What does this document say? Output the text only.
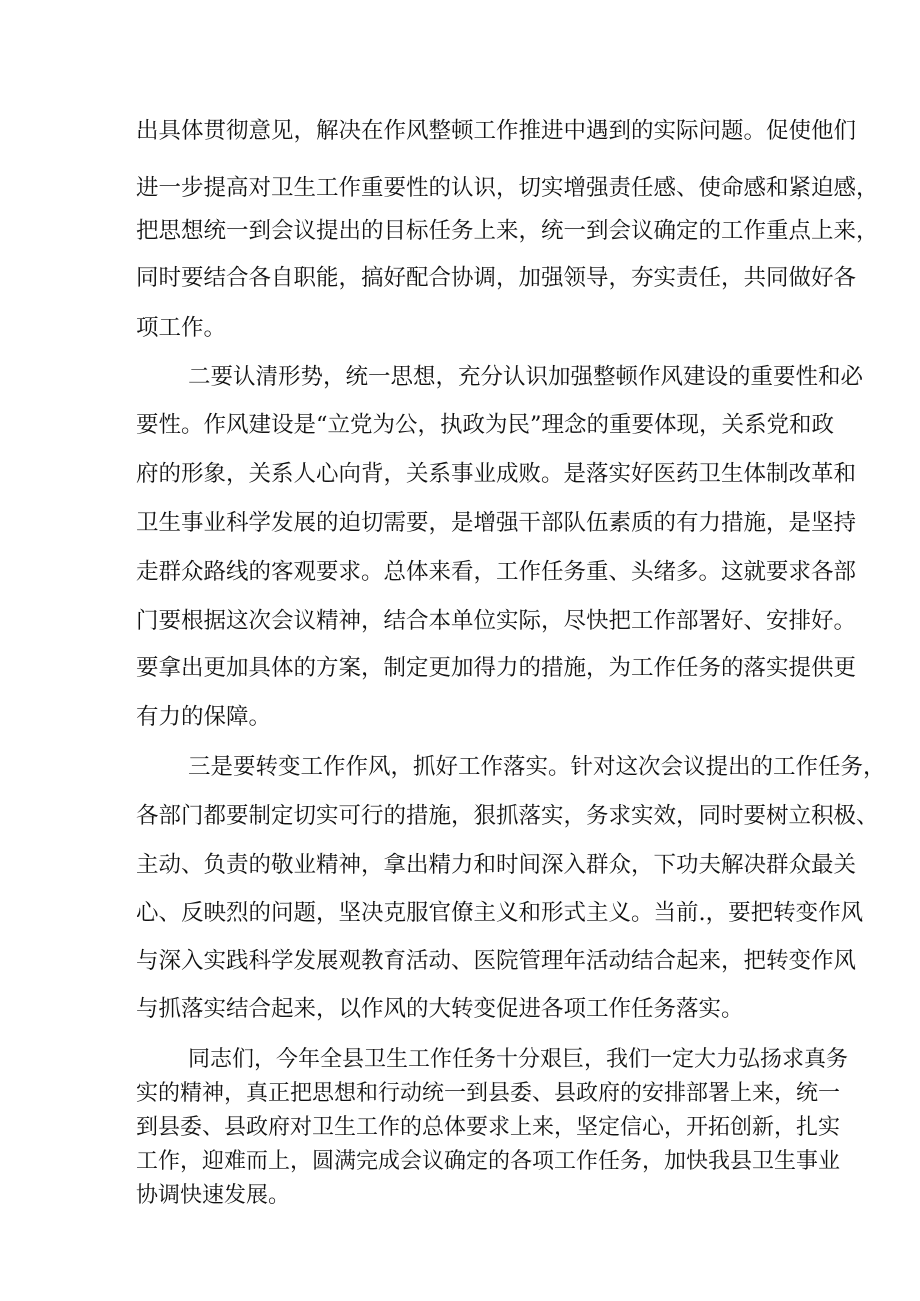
出具体贯彻意见，解决在作风整顿工作推进中遇到的实际问题。促使他们
进一步提高对卫生工作重要性的认识，切实增强责任感、使命感和紧迫感，
把思想统一到会议提出的目标任务上来，统一到会议确定的工作重点上来，
同时要结合各自职能，搞好配合协调，加强领导，夯实责任，共同做好各
项工作。
二要认清形势，统一思想，充分认识加强整顿作风建设的重要性和必
要性。作风建设是“立党为公，执政为民”理念的重要体现，关系党和政
府的形象，关系人心向背，关系事业成败。是落实好医药卫生体制改革和
卫生事业科学发展的迫切需要，是增强干部队伍素质的有力措施，是坚持
走群众路线的客观要求。总体来看，工作任务重、头绪多。这就要求各部
门要根据这次会议精神，结合本单位实际，尽快把工作部署好、安排好。
要拿出更加具体的方案，制定更加得力的措施，为工作任务的落实提供更
有力的保障。
三是要转变工作作风，抓好工作落实。针对这次会议提出的工作任务，
各部门都要制定切实可行的措施，狠抓落实，务求实效，同时要树立积极、
主动、负责的敬业精神，拿出精力和时间深入群众，下功夫解决群众最关
心、反映烈的问题，坚决克服官僚主义和形式主义。当前.，要把转变作风
与深入实践科学发展观教育活动、医院管理年活动结合起来，把转变作风
与抓落实结合起来，以作风的大转变促进各项工作任务落实。
同志们，今年全县卫生工作任务十分艰巨，我们一定大力弘扬求真务
实的精神，真正把思想和行动统一到县委、县政府的安排部署上来，统一
到县委、县政府对卫生工作的总体要求上来，坚定信心，开拓创新，扎实
工作，迎难而上，圆满完成会议确定的各项工作任务，加快我县卫生事业
协调快速发展。
